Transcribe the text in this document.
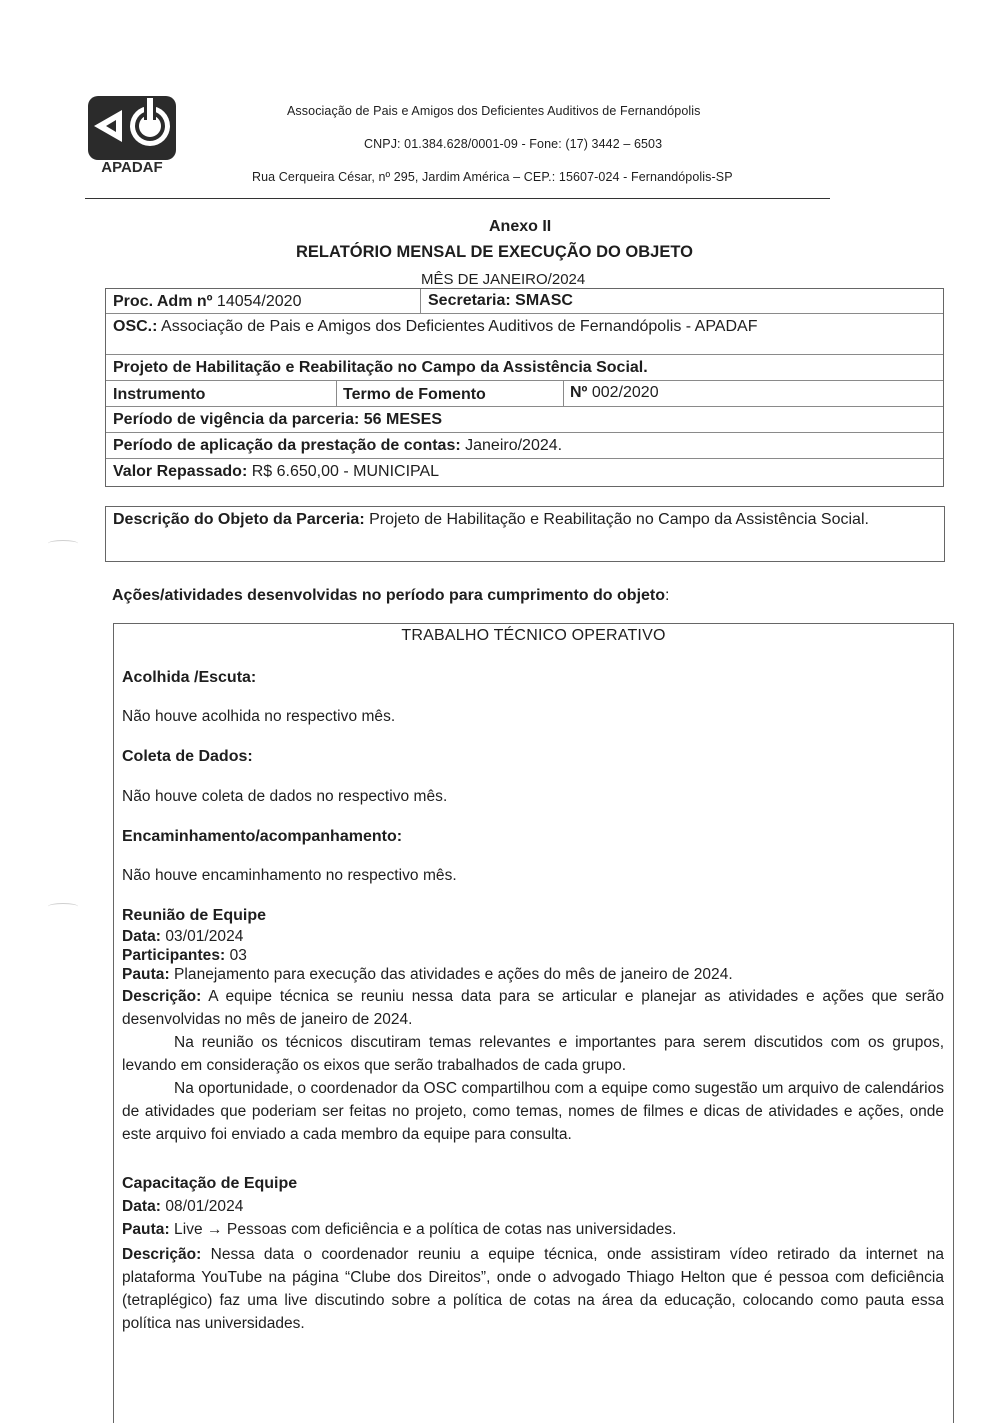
APADAF
Associação de Pais e Amigos dos Deficientes Auditivos de Fernandópolis
CNPJ: 01.384.628/0001-09 - Fone: (17) 3442 – 6503
Rua Cerqueira César, nº 295, Jardim América – CEP.: 15607-024 - Fernandópolis-SP
Anexo II
RELATÓRIO MENSAL DE EXECUÇÃO DO OBJETO
MÊS DE JANEIRO/2024
Proc. Adm nº 14054/2020	Secretaria: SMASC
OSC.: Associação de Pais e Amigos dos Deficientes Auditivos de Fernandópolis - APADAF
Projeto de Habilitação e Reabilitação no Campo da Assistência Social.
Instrumento	Termo de Fomento	Nº 002/2020
Período de vigência da parceria: 56 MESES
Período de aplicação da prestação de contas: Janeiro/2024.
Valor Repassado: R$ 6.650,00 - MUNICIPAL
Descrição do Objeto da Parceria: Projeto de Habilitação e Reabilitação no Campo da Assistência Social.
Ações/atividades desenvolvidas no período para cumprimento do objeto:
TRABALHO TÉCNICO OPERATIVO
Acolhida /Escuta:
Não houve acolhida no respectivo mês.
Coleta de Dados:
Não houve coleta de dados no respectivo mês.
Encaminhamento/acompanhamento:
Não houve encaminhamento no respectivo mês.
Reunião de Equipe
Data: 03/01/2024
Participantes: 03
Pauta: Planejamento para execução das atividades e ações do mês de janeiro de 2024.
Descrição: A equipe técnica se reuniu nessa data para se articular e planejar as atividades e ações que serão desenvolvidas no mês de janeiro de 2024.
Na reunião os técnicos discutiram temas relevantes e importantes para serem discutidos com os grupos, levando em consideração os eixos que serão trabalhados de cada grupo.
Na oportunidade, o coordenador da OSC compartilhou com a equipe como sugestão um arquivo de calendários de atividades que poderiam ser feitas no projeto, como temas, nomes de filmes e dicas de atividades e ações, onde este arquivo foi enviado a cada membro da equipe para consulta.
Capacitação de Equipe
Data: 08/01/2024
Pauta: Live → Pessoas com deficiência e a política de cotas nas universidades.
Descrição: Nessa data o coordenador reuniu a equipe técnica, onde assistiram vídeo retirado da internet na plataforma YouTube na página “Clube dos Direitos”, onde o advogado Thiago Helton que é pessoa com deficiência (tetraplégico) faz uma live discutindo sobre a política de cotas na área da educação, colocando como pauta essa política nas universidades.
